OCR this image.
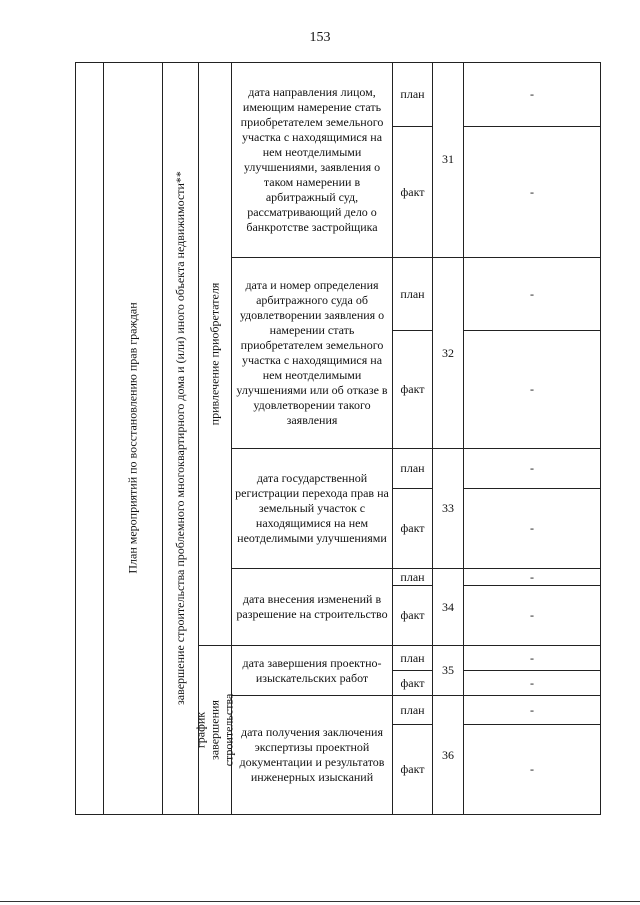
153
План мероприятий по восстановлению прав граждан	завершение строительства проблемного многоквартирного дома и (или) иного объекта недвижимости** привлечение приобретателя
график завершения строительства
дата направления лицом, имеющим намерение стать приобретателем земельного участка с находящимися на нем неотделимыми улучшениями, заявления о таком намерении в арбитражный суд, рассматривающий дело о банкротстве застройщика
план
факт
31
-
-
дата и номер определения арбитражного суда об удовлетворении заявления о намерении стать приобретателем земельного участка с находящимися на нем неотделимыми улучшениями или об отказе в удовлетворении такого заявления
план
факт
32
-
-
дата государственной регистрации перехода прав на земельный участок с находящимися на нем неотделимыми улучшениями
план
факт
33
-
-
дата внесения изменений в разрешение на строительство
план
факт
34
-
-
дата завершения проектно-изыскательских работ
план
факт
35
-
-
дата получения заключения экспертизы проектной документации и результатов инженерных изысканий
план
факт
36
-
-
